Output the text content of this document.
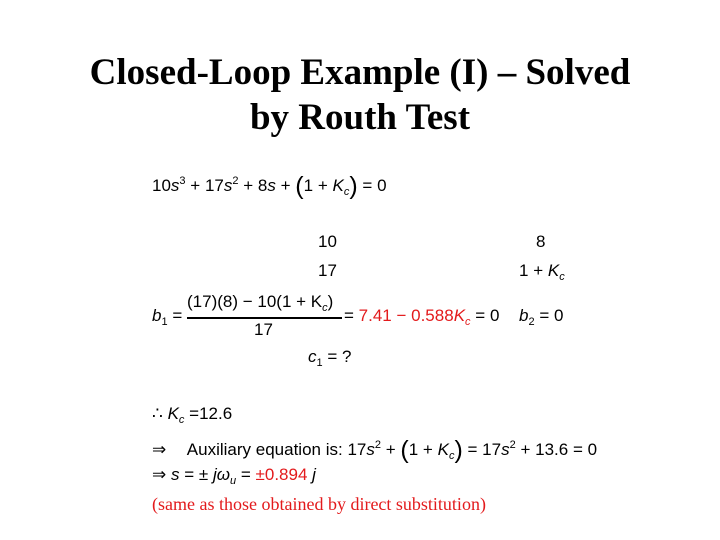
Closed-Loop Example (I) – Solved
by Routh Test
$10s^3 + 17s^2 + 8s + (1 + K_c) = 0$
10	8
17	$1 + K_c$
$b_1$ =
$(17)(8) - 10(1 + K_c)$
17
= $7.41 - 0.588K_c = 0$ $b_2 = 0$
$c_1$ = ?
∴ $K_c =12.6$
⇒ Auxiliary equation is: $17s^2 + (1 + K_c) = 17s^2 + 13.6 = 0$
⇒ s = ± $j\omega_u = \pm 0.894$ j
(same as those obtained by direct substitution)
